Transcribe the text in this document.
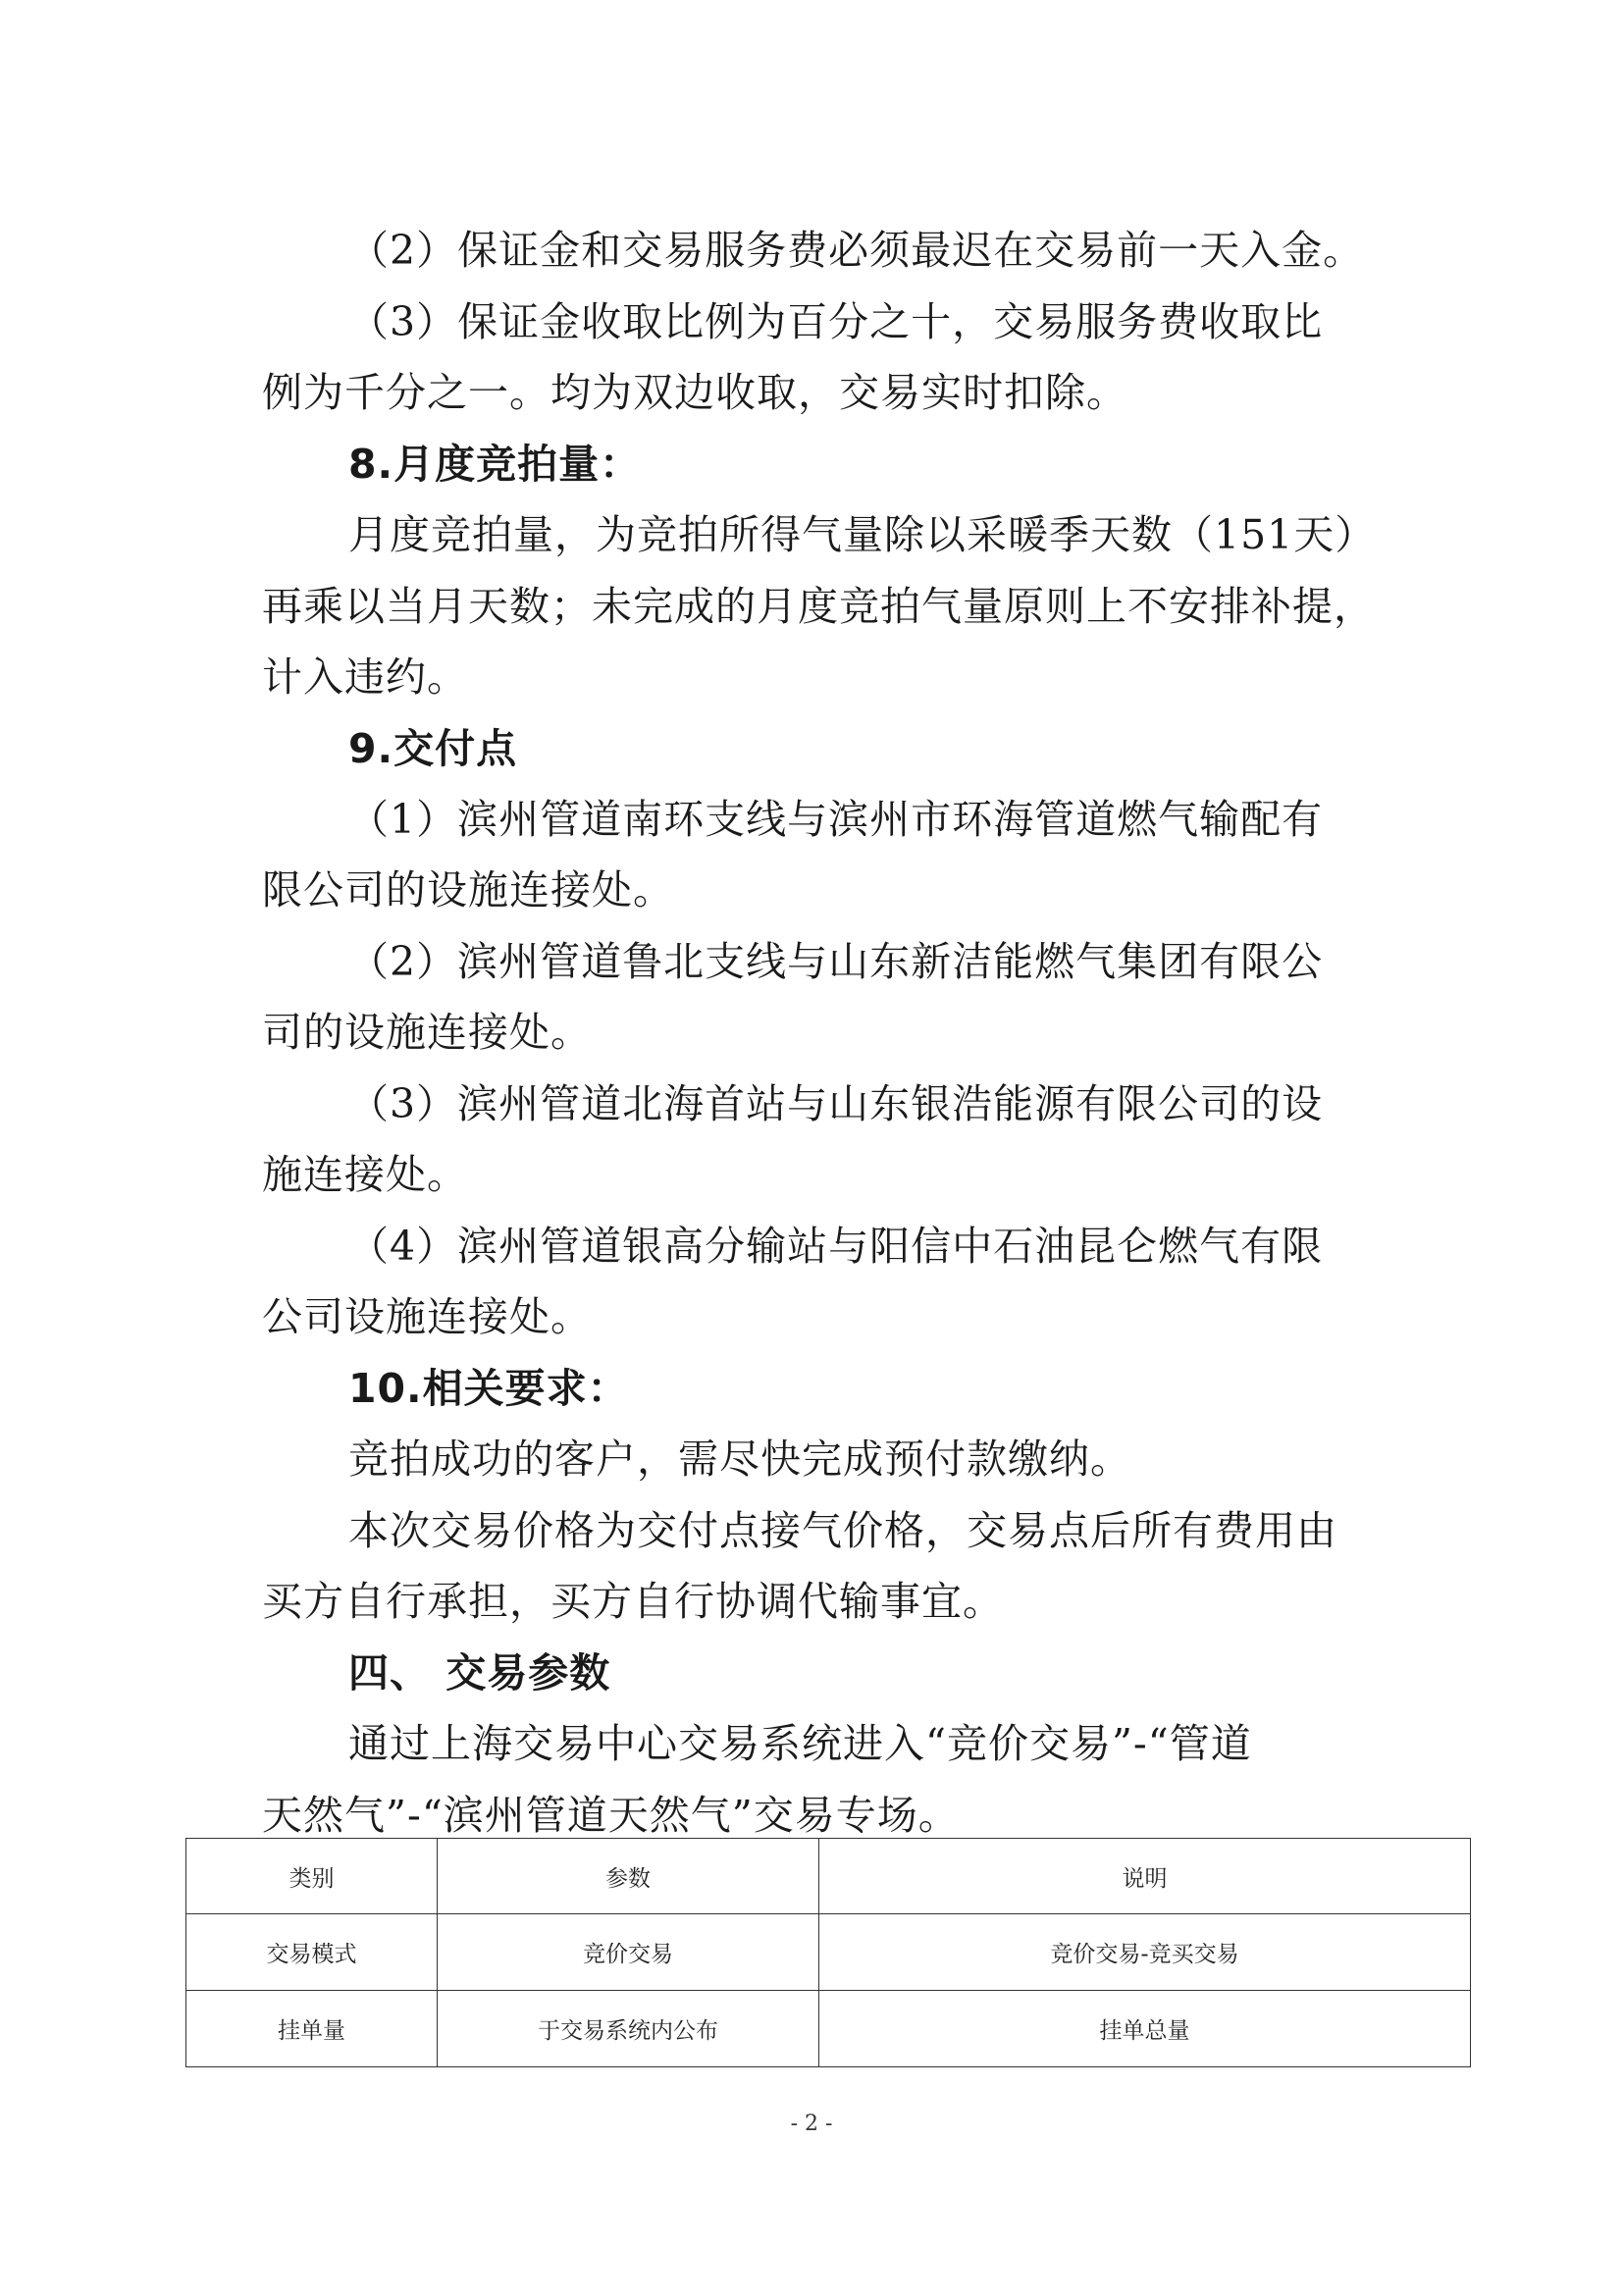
（2）保证金和交易服务费必须最迟在交易前一天入金。
（3）保证金收取比例为百分之十，交易服务费收取比
例为千分之一。均为双边收取，交易实时扣除。
8.月度竞拍量：
月度竞拍量，为竞拍所得气量除以采暖季天数（151天）
再乘以当月天数；未完成的月度竞拍气量原则上不安排补提，
计入违约。
9.交付点
（1）滨州管道南环支线与滨州市环海管道燃气输配有
限公司的设施连接处。
（2）滨州管道鲁北支线与山东新洁能燃气集团有限公
司的设施连接处。
（3）滨州管道北海首站与山东银浩能源有限公司的设
施连接处。
（4）滨州管道银高分输站与阳信中石油昆仑燃气有限
公司设施连接处。
10.相关要求：
竞拍成功的客户，需尽快完成预付款缴纳。
本次交易价格为交付点接气价格，交易点后所有费用由
买方自行承担，买方自行协调代输事宜。
四、 交易参数
通过上海交易中心交易系统进入“竞价交易”-“管道
天然气”-“滨州管道天然气”交易专场。
类别	参数	说明
交易模式	竞价交易	竞价交易-竞买交易
挂单量	于交易系统内公布	挂单总量
- 2 -
